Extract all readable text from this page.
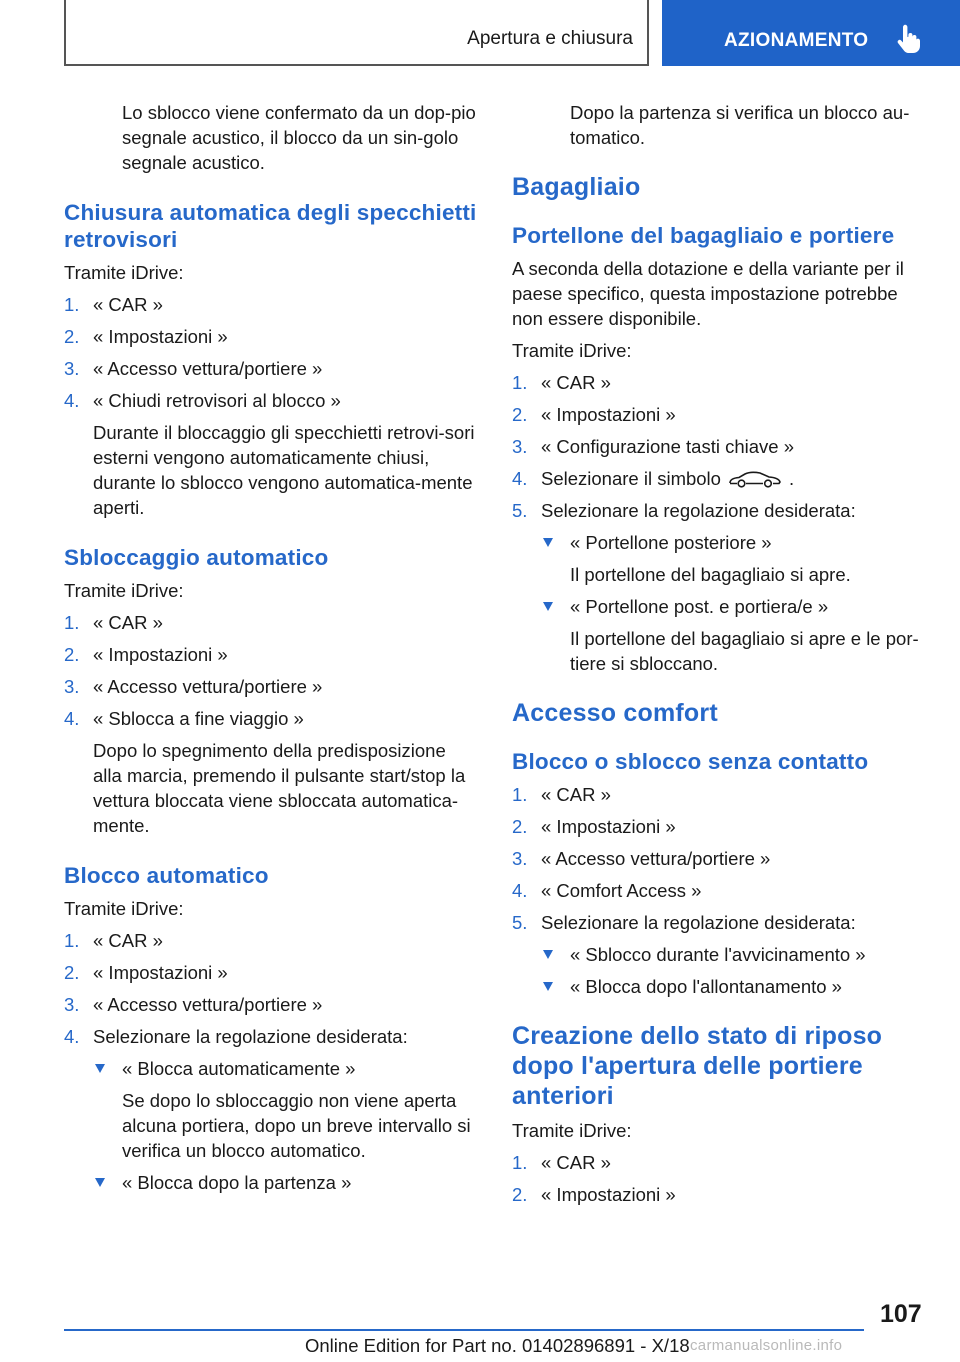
Apertura e chiusura	AZIONAMENTO

Lo sblocco viene confermato da un dop-pio segnale acustico, il blocco da un sin-golo segnale acustico.

Chiusura automatica degli specchietti retrovisori

Tramite iDrive:

1. « CAR »
2. « Impostazioni »
3. « Accesso vettura/portiere »
4. « Chiudi retrovisori al blocco »
Durante il bloccaggio gli specchietti retrovi-sori esterni vengono automaticamente chiusi, durante lo sblocco vengono automatica-mente aperti.
Sbloccaggio automatico

Tramite iDrive:

1. « CAR »
2. « Impostazioni »
3. « Accesso vettura/portiere »
4. « Sblocca a fine viaggio »
Dopo lo spegnimento della predisposizione alla marcia, premendo il pulsante start/stop la vettura bloccata viene sbloccata automatica-mente.
Blocco automatico

Tramite iDrive:

1. « CAR »
2. « Impostazioni »
3. « Accesso vettura/portiere »
4. Selezionare la regolazione desiderata:
« Blocca automaticamente »
Se dopo lo sbloccaggio non viene aperta alcuna portiera, dopo un breve intervallo si verifica un blocco automatico.
« Blocca dopo la partenza »

Dopo la partenza si verifica un blocco au-tomatico.

Bagagliaio
Portellone del bagagliaio e portiere

A seconda della dotazione e della variante per il paese specifico, questa impostazione potrebbe non essere disponibile.

Tramite iDrive:

1. « CAR »
2. « Impostazioni »
3. « Configurazione tasti chiave »
4. Selezionare il simbolo	.
5. Selezionare la regolazione desiderata:
« Portellone posteriore »
Il portellone del bagagliaio si apre.
« Portellone post. e portiera/e »
Il portellone del bagagliaio si apre e le por-tiere si sbloccano.
Accesso comfort
Blocco o sblocco senza contatto
1. « CAR »
2. « Impostazioni »
3. « Accesso vettura/portiere »
4. « Comfort Access »
5. Selezionare la regolazione desiderata:
« Sblocco durante l'avvicinamento »
« Blocca dopo l'allontanamento »
Creazione dello stato di riposo dopo l'apertura delle portiere anteriori

Tramite iDrive:

1. « CAR »
2. « Impostazioni »
107
Online Edition for Part no. 01402896891 - X/18 carmanualsonline.info
